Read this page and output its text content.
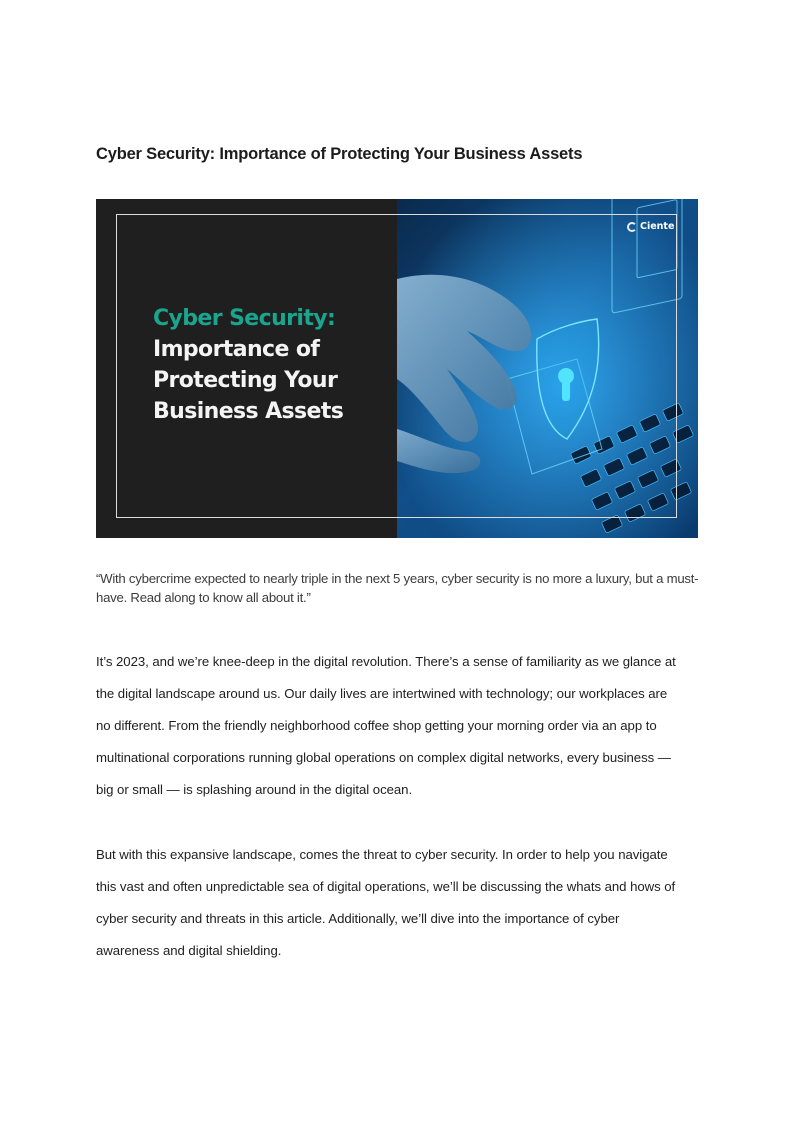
Cyber Security: Importance of Protecting Your Business Assets
Cyber Security:
Importance of
Protecting Your
Business Assets
Ciente

“With cybercrime expected to nearly triple in the next 5 years, cyber security is no more a luxury, but a must-have. Read along to know all about it.”

It’s 2023, and we’re knee-deep in the digital revolution. There’s a sense of familiarity as we glance at
the digital landscape around us. Our daily lives are intertwined with technology; our workplaces are
no different. From the friendly neighborhood coffee shop getting your morning order via an app to
multinational corporations running global operations on complex digital networks, every business —
big or small — is splashing around in the digital ocean.
But with this expansive landscape, comes the threat to cyber security. In order to help you navigate
this vast and often unpredictable sea of digital operations, we’ll be discussing the whats and hows of
cyber security and threats in this article. Additionally, we’ll dive into the importance of cyber
awareness and digital shielding.
